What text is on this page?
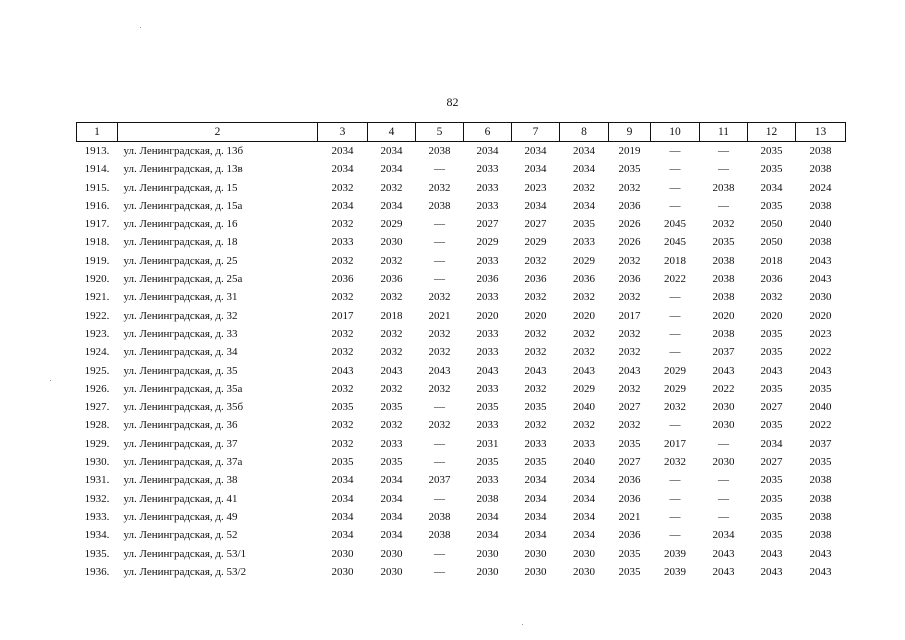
82
1	2	3	4	5	6	7	8	9	10	11	12	13
1913.	ул. Ленинградская, д. 13б	2034	2034	2038	2034	2034	2034	2019	—	—	2035	2038
1914.	ул. Ленинградская, д. 13в	2034	2034	—	2033	2034	2034	2035	—	—	2035	2038
1915.	ул. Ленинградская, д. 15	2032	2032	2032	2033	2023	2032	2032	—	2038	2034	2024
1916.	ул. Ленинградская, д. 15а	2034	2034	2038	2033	2034	2034	2036	—	—	2035	2038
1917.	ул. Ленинградская, д. 16	2032	2029	—	2027	2027	2035	2026	2045	2032	2050	2040
1918.	ул. Ленинградская, д. 18	2033	2030	—	2029	2029	2033	2026	2045	2035	2050	2038
1919.	ул. Ленинградская, д. 25	2032	2032	—	2033	2032	2029	2032	2018	2038	2018	2043
1920.	ул. Ленинградская, д. 25а	2036	2036	—	2036	2036	2036	2036	2022	2038	2036	2043
1921.	ул. Ленинградская, д. 31	2032	2032	2032	2033	2032	2032	2032	—	2038	2032	2030
1922.	ул. Ленинградская, д. 32	2017	2018	2021	2020	2020	2020	2017	—	2020	2020	2020
1923.	ул. Ленинградская, д. 33	2032	2032	2032	2033	2032	2032	2032	—	2038	2035	2023
1924.	ул. Ленинградская, д. 34	2032	2032	2032	2033	2032	2032	2032	—	2037	2035	2022
1925.	ул. Ленинградская, д. 35	2043	2043	2043	2043	2043	2043	2043	2029	2043	2043	2043
1926.	ул. Ленинградская, д. 35а	2032	2032	2032	2033	2032	2029	2032	2029	2022	2035	2035
1927.	ул. Ленинградская, д. 35б	2035	2035	—	2035	2035	2040	2027	2032	2030	2027	2040
1928.	ул. Ленинградская, д. 36	2032	2032	2032	2033	2032	2032	2032	—	2030	2035	2022
1929.	ул. Ленинградская, д. 37	2032	2033	—	2031	2033	2033	2035	2017	—	2034	2037
1930.	ул. Ленинградская, д. 37а	2035	2035	—	2035	2035	2040	2027	2032	2030	2027	2035
1931.	ул. Ленинградская, д. 38	2034	2034	2037	2033	2034	2034	2036	—	—	2035	2038
1932.	ул. Ленинградская, д. 41	2034	2034	—	2038	2034	2034	2036	—	—	2035	2038
1933.	ул. Ленинградская, д. 49	2034	2034	2038	2034	2034	2034	2021	—	—	2035	2038
1934.	ул. Ленинградская, д. 52	2034	2034	2038	2034	2034	2034	2036	—	2034	2035	2038
1935.	ул. Ленинградская, д. 53/1	2030	2030	—	2030	2030	2030	2035	2039	2043	2043	2043
1936.	ул. Ленинградская, д. 53/2	2030	2030	—	2030	2030	2030	2035	2039	2043	2043	2043
